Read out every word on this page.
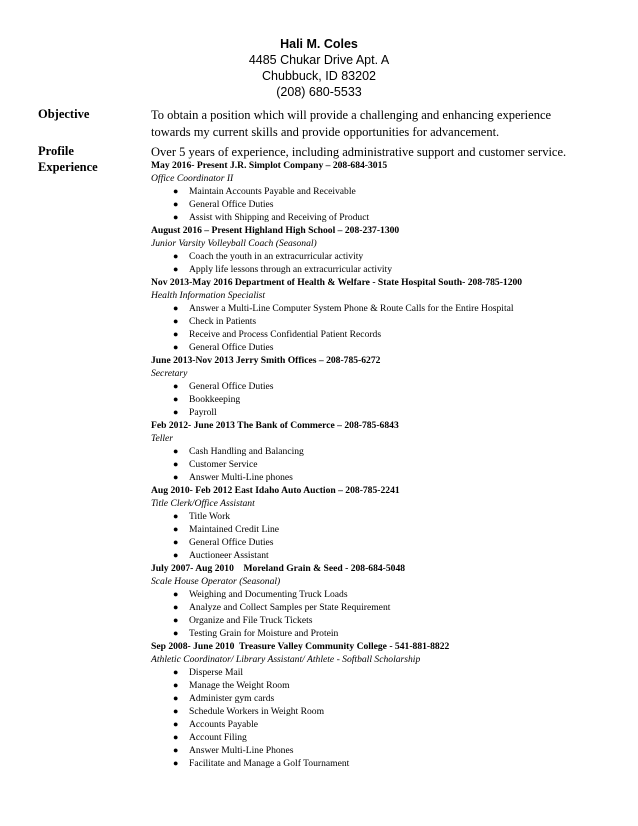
Hali M. Coles
4485 Chukar Drive Apt. A
Chubbuck, ID 83202
(208) 680-5533
Objective	To obtain a position which will provide a challenging and enhancing experience
towards my current skills and provide opportunities for advancement.
Profile	Over 5 years of experience, including administrative support and customer service.
Experience	May 2016- Present J.R. Simplot Company – 208-684-3015
Office Coordinator II
● Maintain Accounts Payable and Receivable
● General Office Duties
● Assist with Shipping and Receiving of Product
August 2016 – Present Highland High School – 208-237-1300
Junior Varsity Volleyball Coach (Seasonal)
● Coach the youth in an extracurricular activity
● Apply life lessons through an extracurricular activity
Nov 2013-May 2016 Department of Health & Welfare - State Hospital South- 208-785-1200
Health Information Specialist
● Answer a Multi-Line Computer System Phone & Route Calls for the Entire Hospital
● Check in Patients
● Receive and Process Confidential Patient Records
● General Office Duties
June 2013-Nov 2013 Jerry Smith Offices – 208-785-6272
Secretary
● General Office Duties
● Bookkeeping
● Payroll
Feb 2012- June 2013 The Bank of Commerce – 208-785-6843
Teller
● Cash Handling and Balancing
● Customer Service
● Answer Multi-Line phones
Aug 2010- Feb 2012 East Idaho Auto Auction – 208-785-2241
Title Clerk/Office Assistant
● Title Work
● Maintained Credit Line
● General Office Duties
● Auctioneer Assistant
July 2007- Aug 2010    Moreland Grain & Seed - 208-684-5048
Scale House Operator (Seasonal)
● Weighing and Documenting Truck Loads
● Analyze and Collect Samples per State Requirement
● Organize and File Truck Tickets
● Testing Grain for Moisture and Protein
Sep 2008- June 2010  Treasure Valley Community College - 541-881-8822
Athletic Coordinator/ Library Assistant/ Athlete - Softball Scholarship
● Disperse Mail
● Manage the Weight Room
● Administer gym cards
● Schedule Workers in Weight Room
● Accounts Payable
● Account Filing
● Answer Multi-Line Phones
● Facilitate and Manage a Golf Tournament
